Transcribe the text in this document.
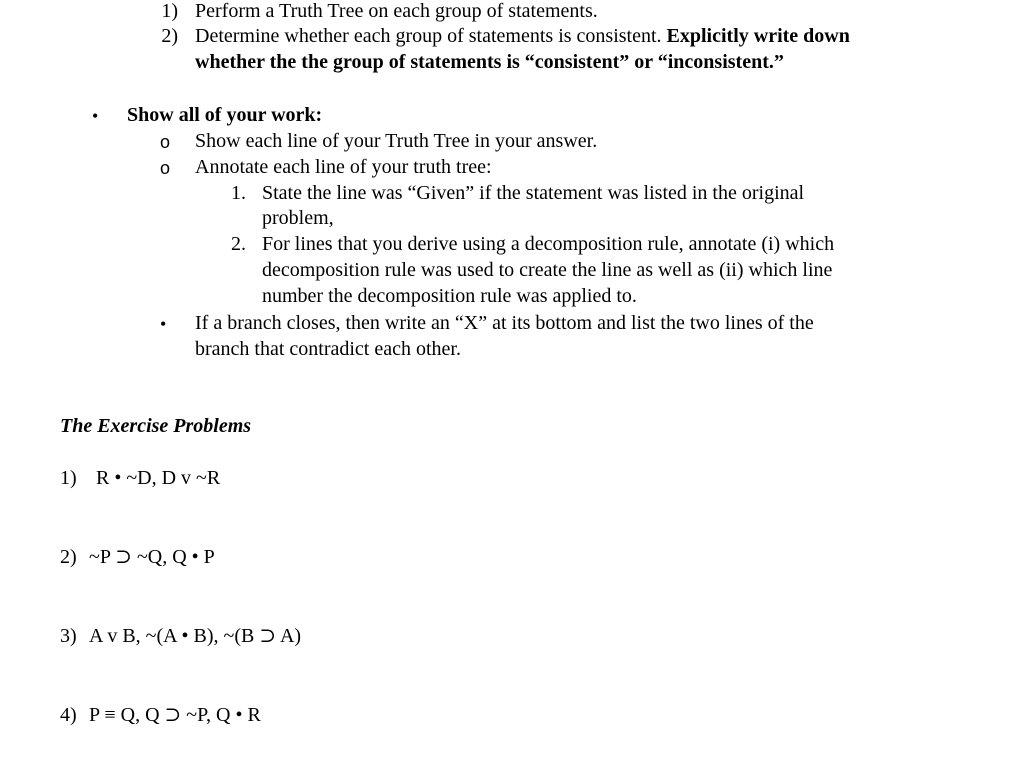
1) Perform a Truth Tree on each group of statements.
2) Determine whether each group of statements is consistent. Explicitly write down
whether the the group of statements is “consistent” or “inconsistent.”
• Show all of your work:
o Show each line of your Truth Tree in your answer.
o Annotate each line of your truth tree:
1. State the line was “Given” if the statement was listed in the original
problem,
2. For lines that you derive using a decomposition rule, annotate (i) which
decomposition rule was used to create the line as well as (ii) which line
number the decomposition rule was applied to.
• If a branch closes, then write an “X” at its bottom and list the two lines of the
branch that contradict each other.
The Exercise Problems
1) R • ~D, D v ~R
2) ~P ⊃ ~Q, Q • P
3) A v B, ~(A • B), ~(B ⊃ A)
4) P ≡ Q, Q ⊃ ~P, Q • R
